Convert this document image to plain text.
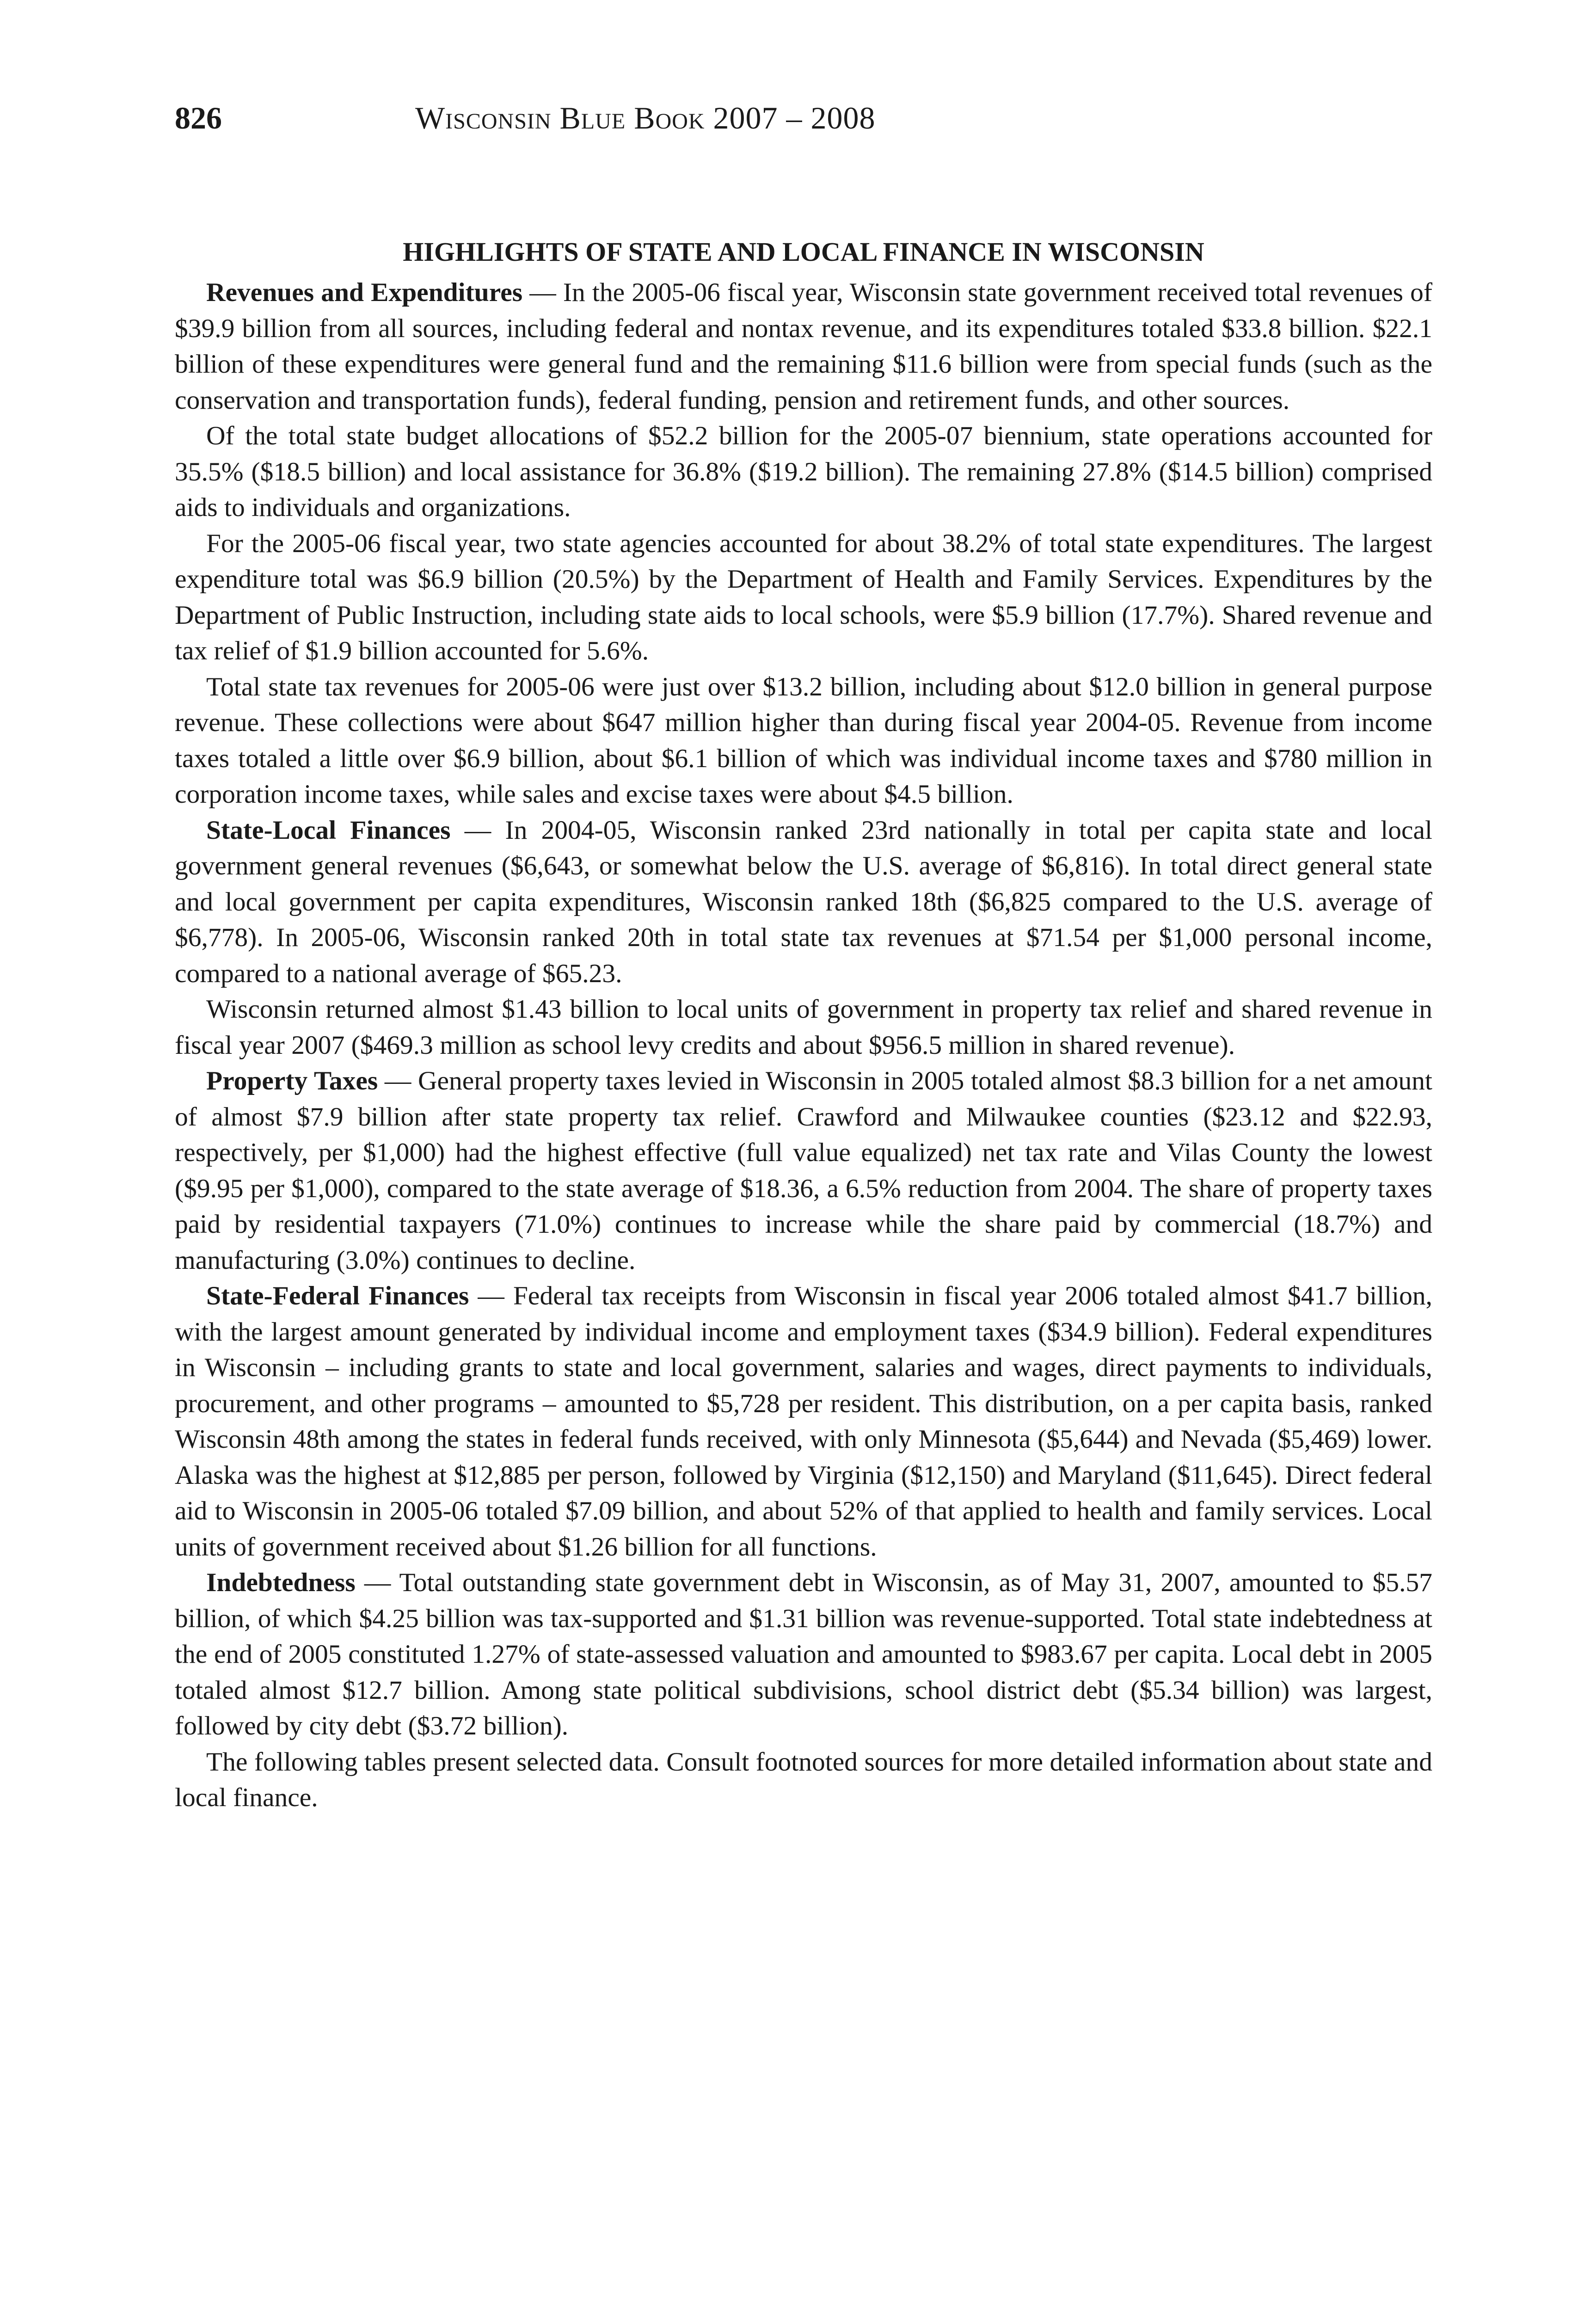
826	Wisconsin Blue Book 2007 – 2008
HIGHLIGHTS OF STATE AND LOCAL FINANCE IN WISCONSIN

Revenues and Expenditures — In the 2005-06 fiscal year, Wisconsin state government received total revenues of $39.9 billion from all sources, including federal and nontax revenue, and its expenditures totaled $33.8 billion. $22.1 billion of these expenditures were general fund and the remaining $11.6 billion were from special funds (such as the conservation and transportation funds), federal funding, pension and retirement funds, and other sources.

Of the total state budget allocations of $52.2 billion for the 2005-07 biennium, state operations accounted for 35.5% ($18.5 billion) and local assistance for 36.8% ($19.2 billion). The remaining 27.8% ($14.5 billion) comprised aids to individuals and organizations.

For the 2005-06 fiscal year, two state agencies accounted for about 38.2% of total state expenditures. The largest expenditure total was $6.9 billion (20.5%) by the Department of Health and Family Services. Expenditures by the Department of Public Instruction, including state aids to local schools, were $5.9 billion (17.7%). Shared revenue and tax relief of $1.9 billion accounted for 5.6%.

Total state tax revenues for 2005-06 were just over $13.2 billion, including about $12.0 billion in general purpose revenue. These collections were about $647 million higher than during fiscal year 2004-05. Revenue from income taxes totaled a little over $6.9 billion, about $6.1 billion of which was individual income taxes and $780 million in corporation income taxes, while sales and excise taxes were about $4.5 billion.

State-Local Finances — In 2004-05, Wisconsin ranked 23rd nationally in total per capita state and local government general revenues ($6,643, or somewhat below the U.S. average of $6,816). In total direct general state and local government per capita expenditures, Wisconsin ranked 18th ($6,825 compared to the U.S. average of $6,778). In 2005-06, Wisconsin ranked 20th in total state tax revenues at $71.54 per $1,000 personal income, compared to a national average of $65.23.

Wisconsin returned almost $1.43 billion to local units of government in property tax relief and shared revenue in fiscal year 2007 ($469.3 million as school levy credits and about $956.5 million in shared revenue).

Property Taxes — General property taxes levied in Wisconsin in 2005 totaled almost $8.3 billion for a net amount of almost $7.9 billion after state property tax relief. Crawford and Milwaukee counties ($23.12 and $22.93, respectively, per $1,000) had the highest effective (full value equalized) net tax rate and Vilas County the lowest ($9.95 per $1,000), compared to the state average of $18.36, a 6.5% reduction from 2004. The share of property taxes paid by residential taxpayers (71.0%) continues to increase while the share paid by commercial (18.7%) and manufacturing (3.0%) continues to decline.

State-Federal Finances — Federal tax receipts from Wisconsin in fiscal year 2006 totaled almost $41.7 billion, with the largest amount generated by individual income and employment taxes ($34.9 billion). Federal expenditures in Wisconsin – including grants to state and local government, salaries and wages, direct payments to individuals, procurement, and other programs – amounted to $5,728 per resident. This distribution, on a per capita basis, ranked Wisconsin 48th among the states in federal funds received, with only Minnesota ($5,644) and Nevada ($5,469) lower. Alaska was the highest at $12,885 per person, followed by Virginia ($12,150) and Maryland ($11,645). Direct federal aid to Wisconsin in 2005-06 totaled $7.09 billion, and about 52% of that applied to health and family services. Local units of government received about $1.26 billion for all functions.

Indebtedness — Total outstanding state government debt in Wisconsin, as of May 31, 2007, amounted to $5.57 billion, of which $4.25 billion was tax-supported and $1.31 billion was revenue-supported. Total state indebtedness at the end of 2005 constituted 1.27% of state-assessed valuation and amounted to $983.67 per capita. Local debt in 2005 totaled almost $12.7 billion. Among state political subdivisions, school district debt ($5.34 billion) was largest, followed by city debt ($3.72 billion).

The following tables present selected data. Consult footnoted sources for more detailed information about state and local finance.
